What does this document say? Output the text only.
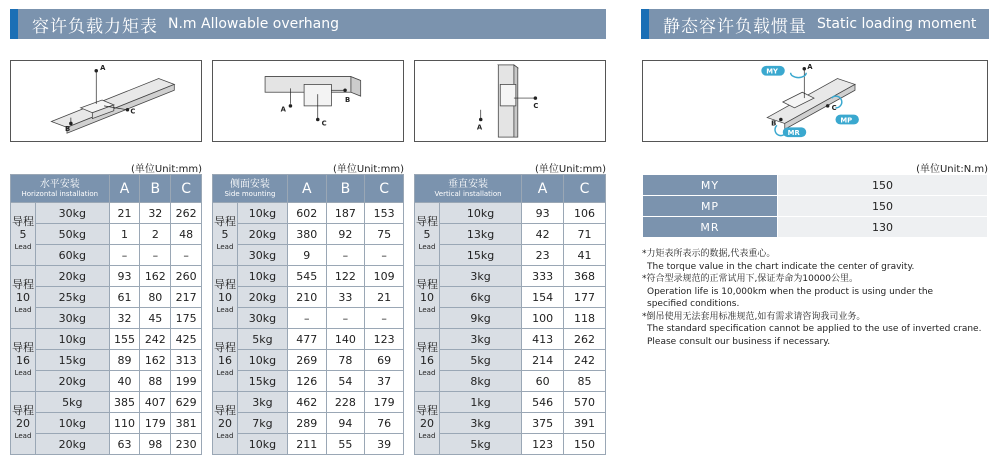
容许负载力矩表 N.m Allowable overhang	静态容许负载惯量 Static loading moment
A
B
C	A
C
B
A
C
A
B
C
MY
MP
MR
(单位Unit:mm)	(单位Unit:mm)	(单位Unit:mm)	(单位Unit:N.m)
水平安装
Horizontal installation		A	B	C
导程
5
Lead	30kg	21	32	262
	50kg	1	2	48
	60kg	–	–	–
导程
10
Lead	20kg	93	162	260
	25kg	61	80	217
	30kg	32	45	175
导程
16
Lead	10kg	155	242	425
	15kg	89	162	313
	20kg	40	88	199
导程
20
Lead	5kg	385	407	629
	10kg	110	179	381
	20kg	63	98	230
侧面安装
Side mounting		A	B	C
导程
5
Lead	10kg	602	187	153
	20kg	380	92	75
	30kg	9	–	–
导程
10
Lead	10kg	545	122	109
	20kg	210	33	21
	30kg	–	–	–
导程
16
Lead	5kg	477	140	123
	10kg	269	78	69
	15kg	126	54	37
导程
20
Lead	3kg	462	228	179
	7kg	289	94	76
	10kg	211	55	39
垂直安装
Vertical installation		A	C
导程
5
Lead	10kg	93	106
	13kg	42	71
	15kg	23	41
导程
10
Lead	3kg	333	368
	6kg	154	177
	9kg	100	118
导程
16
Lead	3kg	413	262
	5kg	214	242
	8kg	60	85
导程
20
Lead	1kg	546	570
	3kg	375	391
	5kg	123	150
MY	150
MP	150
MR	130

*力矩表所表示的数据,代表重心。

The torque value in the chart indicate the center of gravity.

*符合型录规范的正常试用下,保证寿命为10000公里。

Operation life is 10,000km when the product is using under the

specified conditions.

*倒吊使用无法套用标准规范,如有需求请咨询我司业务。

The standard specification cannot be applied to the use of inverted crane.

Please consult our business if necessary.
